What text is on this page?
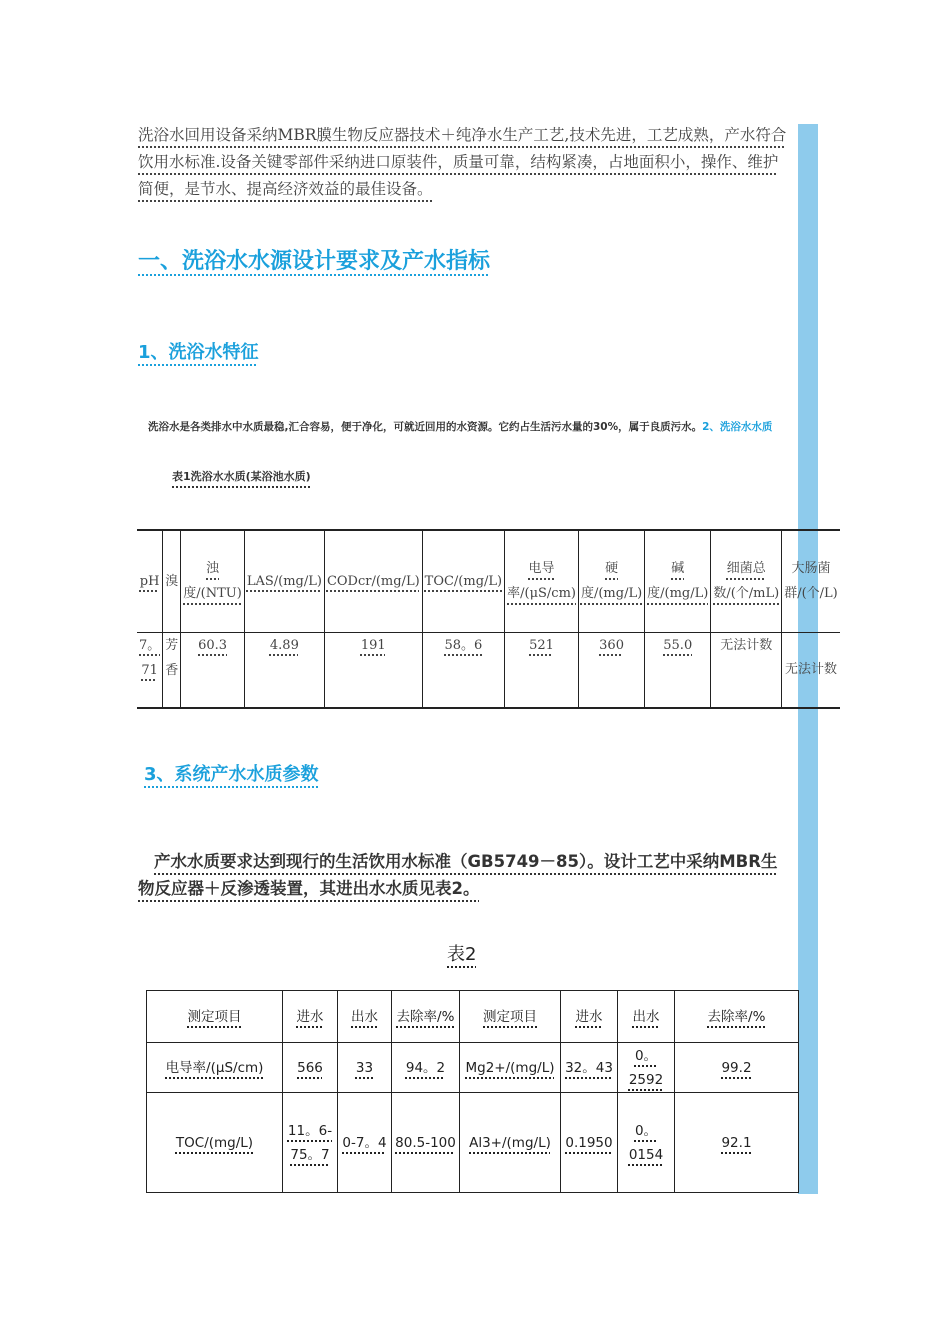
洗浴水回用设备采纳MBR膜生物反应器技术＋纯净水生产工艺,技术先进，工艺成熟，产水符合饮用水标准.设备关键零部件采纳进口原装件，质量可靠，结构紧凑，占地面积小，操作、维护简便，是节水、提高经济效益的最佳设备。

一、洗浴水水源设计要求及产水指标
1、洗浴水特征

洗浴水是各类排水中水质最稳,汇合容易，便于净化，可就近回用的水资源。它约占生活污水量的30%，属于良质污水。2、洗浴水水质

表1洗浴水水质(某浴池水质)
pH	溴	浊度/(NTU)	LAS/(mg/L)	CODcr/(mg/L)	TOC/(mg/L)	电导率/(μS/cm)	硬度/(mg/L)	碱度/(mg/L)	细菌总数/(个/mL)	大肠菌群/(个/L)
7。71	芳香	60.3	4.89	191	58。6	521	360	55.0	无法计数	无法计数
3、系统产水水质参数

产水水质要求达到现行的生活饮用水标准（GB5749－85）。设计工艺中采纳MBR生物反应器＋反渗透装置，其进出水水质见表2。

表2
测定项目	进水	出水	去除率/%	测定项目	进水	出水	去除率/%
电导率/(μS/cm)	566	33	94。2	Mg2+/(mg/L)	32。43	0。2592	99.2
TOC/(mg/L)	11。6-75。7	0-7。4	80.5-100	Al3+/(mg/L)	0.1950	0。0154	92.1
